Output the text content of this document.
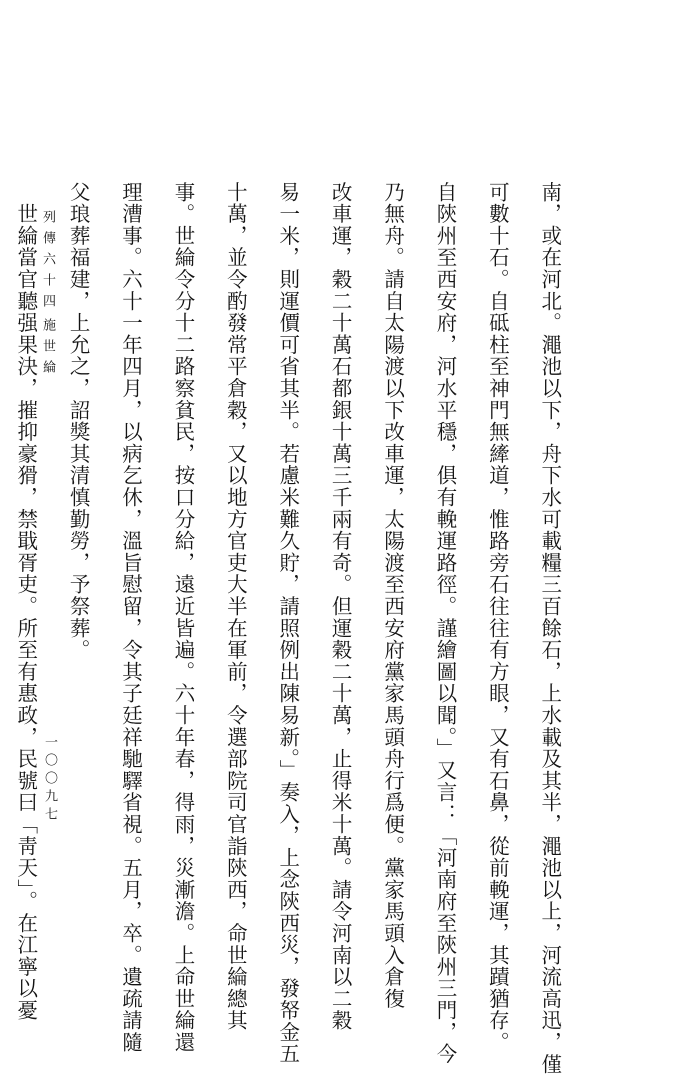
列傳六十四
施世綸
一〇〇九七	南，或在河北。澠池以下，舟下水可載糧三百餘石，上水載及其半，澠池以上，河流高迅，僅

可數十石。自砥柱至神門無縴道，惟路旁石往往有方眼，又有石鼻，從前輓運，其蹟猶存。

自陝州至西安府，河水平穩，俱有輓運路徑。謹繪圖以聞。」又言：「河南府至陝州三門，今

乃無舟。請自太陽渡以下改車運，太陽渡至西安府黨家馬頭舟行爲便。黨家馬頭入倉復

改車運，穀二十萬石都銀十萬三千兩有奇。但運穀二十萬，止得米十萬。請令河南以二穀

易一米，則運價可省其半。若慮米難久貯，請照例出陳易新。」奏入，上念陝西災，發帑金五

十萬，並令酌發常平倉穀，又以地方官吏大半在軍前，令選部院司官詣陝西，命世綸總其

事。世綸令分十二路察貧民，按口分給，遠近皆遍。六十年春，得雨，災漸澹。上命世綸還

理漕事。六十一年四月，以病乞休，溫旨慰留，令其子廷祥馳驛省視。五月，卒。遺疏請隨

父琅葬福建，上允之，詔獎其清慎勤勞，予祭葬。

　世綸當官聽强果決，摧抑豪猾，禁戢胥吏。所至有惠政，民號曰「靑天」。在江寧以憂
